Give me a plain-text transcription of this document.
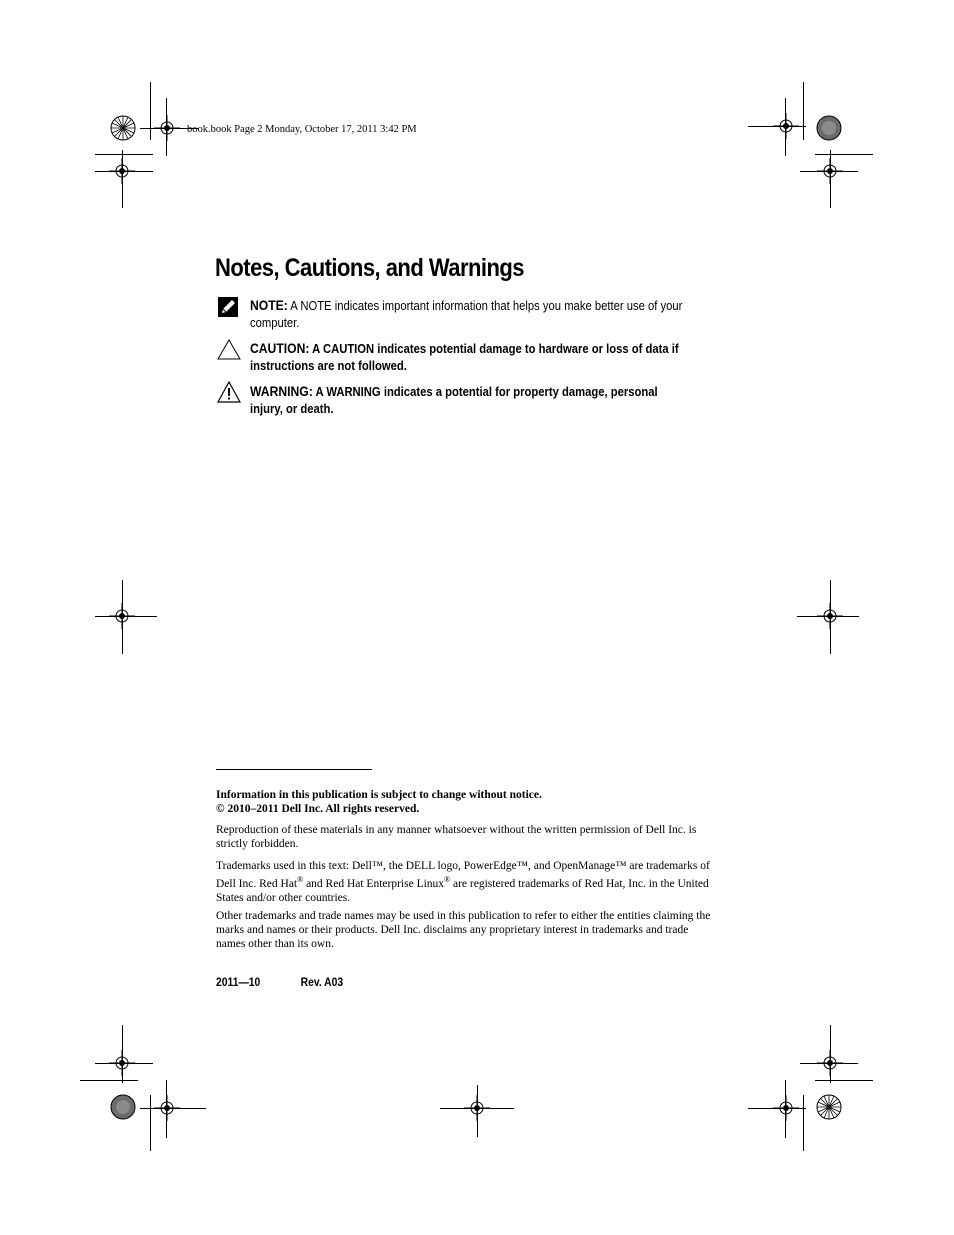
book.book Page 2 Monday, October 17, 2011 3:42 PM
Notes, Cautions, and Warnings
NOTE: A NOTE indicates important information that helps you make better use of your computer.
CAUTION: A CAUTION indicates potential damage to hardware or loss of data if instructions are not followed.
WARNING: A WARNING indicates a potential for property damage, personal injury, or death.

Information in this publication is subject to change without notice.
© 2010–2011 Dell Inc. All rights reserved.

Reproduction of these materials in any manner whatsoever without the written permission of Dell Inc. is strictly forbidden.

Trademarks used in this text: Dell™, the DELL logo, PowerEdge™, and OpenManage™ are trademarks of Dell Inc. Red Hat® and Red Hat Enterprise Linux® are registered trademarks of Red Hat, Inc. in the United States and/or other countries.

Other trademarks and trade names may be used in this publication to refer to either the entities claiming the marks and names or their products. Dell Inc. disclaims any proprietary interest in trademarks and trade names other than its own.

2011—10	Rev. A03
